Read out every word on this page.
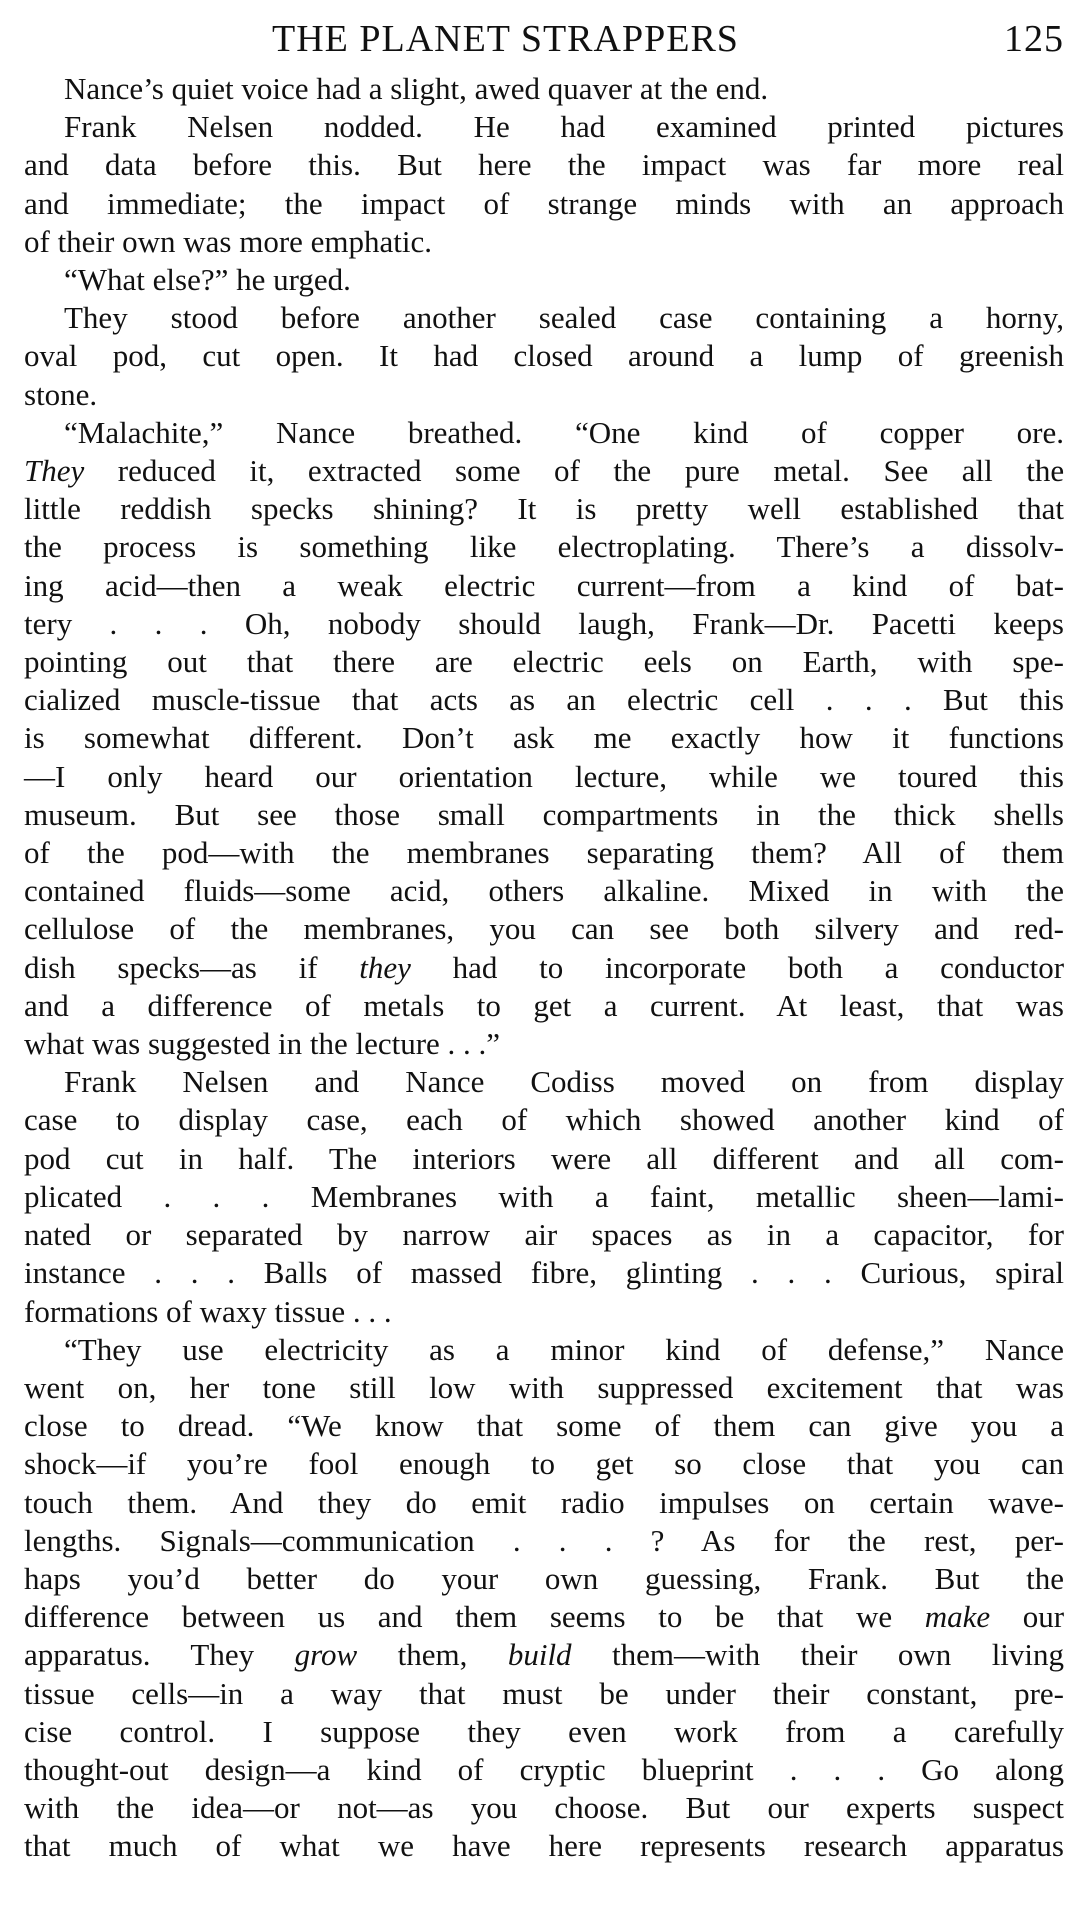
THE PLANET STRAPPERS	125

Nance’s quiet voice had a slight, awed quaver at the end.

Frank Nelsen nodded. He had examined printed pictures
and data before this. But here the impact was far more real
and immediate; the impact of strange minds with an approach
of their own was more emphatic.

“What else?” he urged.

They stood before another sealed case containing a horny,
oval pod, cut open. It had closed around a lump of greenish
stone.

“Malachite,” Nance breathed. “One kind of copper ore.
They reduced it, extracted some of the pure metal. See all the
little reddish specks shining? It is pretty well established that
the process is something like electroplating. There’s a dissolv-
ing acid—then a weak electric current—from a kind of bat-
tery . . . Oh, nobody should laugh, Frank—Dr. Pacetti keeps
pointing out that there are electric eels on Earth, with spe-
cialized muscle-tissue that acts as an electric cell . . . But this
is somewhat different. Don’t ask me exactly how it functions
—I only heard our orientation lecture, while we toured this
museum. But see those small compartments in the thick shells
of the pod—with the membranes separating them? All of them
contained fluids—some acid, others alkaline. Mixed in with the
cellulose of the membranes, you can see both silvery and red-
dish specks—as if they had to incorporate both a conductor
and a difference of metals to get a current. At least, that was
what was suggested in the lecture . . .”

Frank Nelsen and Nance Codiss moved on from display
case to display case, each of which showed another kind of
pod cut in half. The interiors were all different and all com-
plicated . . . Membranes with a faint, metallic sheen—lami-
nated or separated by narrow air spaces as in a capacitor, for
instance . . . Balls of massed fibre, glinting . . . Curious, spiral
formations of waxy tissue . . .

“They use electricity as a minor kind of defense,” Nance
went on, her tone still low with suppressed excitement that was
close to dread. “We know that some of them can give you a
shock—if you’re fool enough to get so close that you can
touch them. And they do emit radio impulses on certain wave-
lengths. Signals—communication . . . ? As for the rest, per-
haps you’d better do your own guessing, Frank. But the
difference between us and them seems to be that we make our
apparatus. They grow them, build them—with their own living
tissue cells—in a way that must be under their constant, pre-
cise control. I suppose they even work from a carefully
thought-out design—a kind of cryptic blueprint . . . Go along
with the idea—or not—as you choose. But our experts suspect
that much of what we have here represents research apparatus
